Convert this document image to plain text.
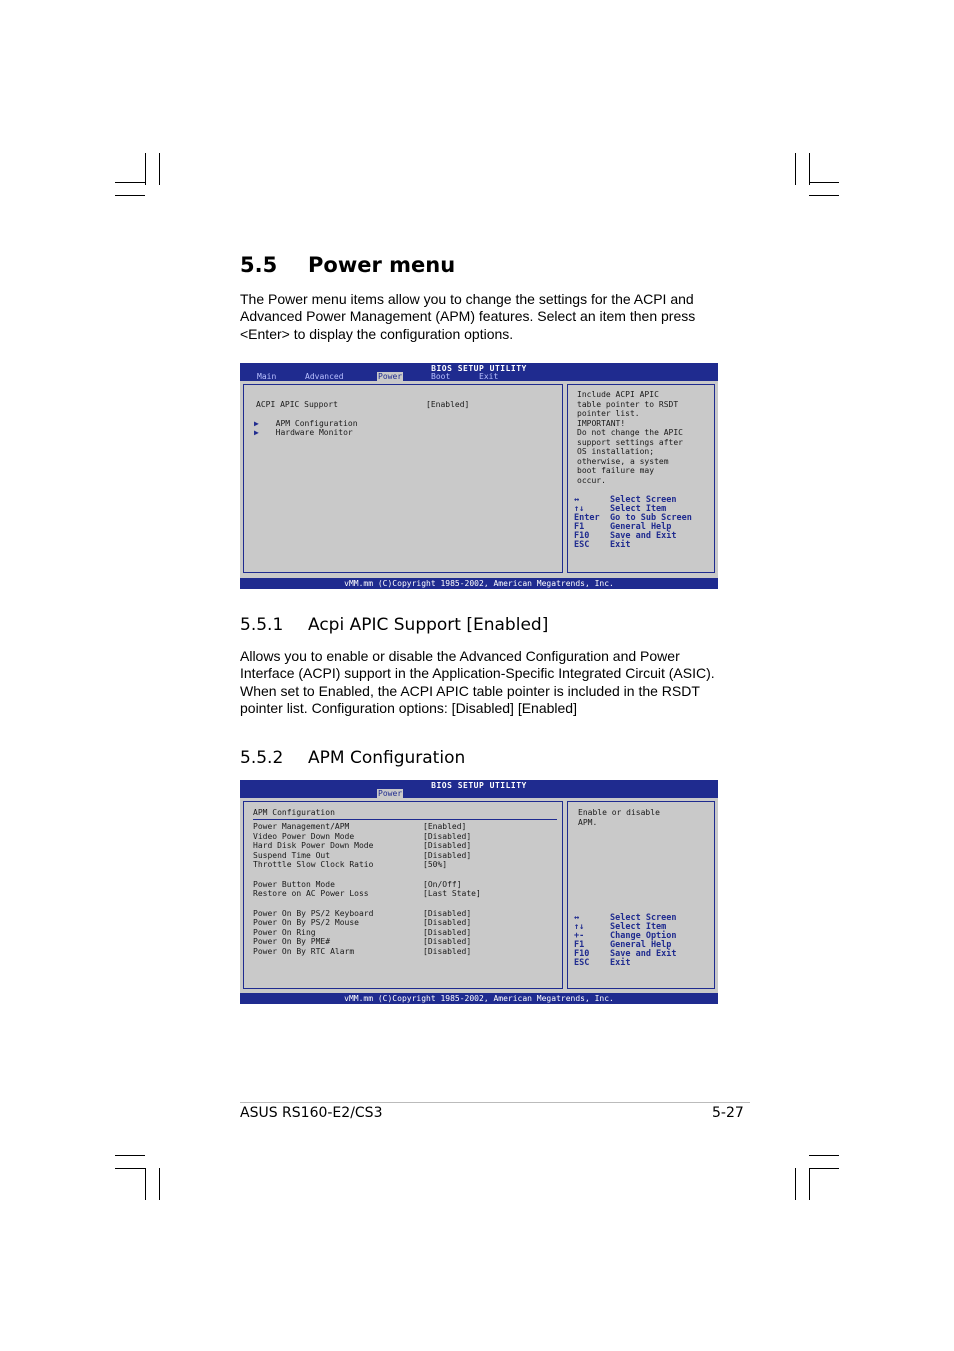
5.5 Power menu

The Power menu items allow you to change the settings for the ACPI and Advanced Power Management (APM) features. Select an item then press <Enter> to display the configuration options.

BIOS SETUP UTILITY
Main	Advanced	Power	Boot	Exit
ACPI APIC Support	[Enabled]
▶ APM Configuration
▶ Hardware Monitor
Include ACPI APIC
table pointer to RSDT
pointer list.
IMPORTANT!
Do not change the APIC
support settings after
OS installation;
otherwise, a system
boot failure may
occur.
↔	Select Screen
↑↓	Select Item
Enter Go to Sub Screen
F1	General Help
F10 Save and Exit
ESC Exit
vMM.mm (C)Copyright 1985-2002, American Megatrends, Inc.
5.5.1 Acpi APIC Support [Enabled]

Allows you to enable or disable the Advanced Configuration and Power Interface (ACPI) support in the Application-Specific Integrated Circuit (ASIC). When set to Enabled, the ACPI APIC table pointer is included in the RSDT pointer list. Configuration options: [Disabled] [Enabled]

5.5.2 APM Configuration
BIOS SETUP UTILITY
Power
APM Configuration
Power Management/APM	[Enabled]
Video Power Down Mode	[Disabled]
Hard Disk Power Down Mode	[Disabled]
Suspend Time Out	[Disabled]
Throttle Slow Clock Ratio	[50%]
Power Button Mode	[On/Off]
Restore on AC Power Loss	[Last State]
Power On By PS/2 Keyboard	[Disabled]
Power On By PS/2 Mouse	[Disabled]
Power On Ring	[Disabled]
Power On By PME#	[Disabled]
Power On By RTC Alarm	[Disabled]
Enable or disable
APM.
↔	Select Screen
↑↓	Select Item
+-	Change Option
F1	General Help
F10 Save and Exit
ESC Exit
vMM.mm (C)Copyright 1985-2002, American Megatrends, Inc.
ASUS RS160-E2/CS3	5-27
